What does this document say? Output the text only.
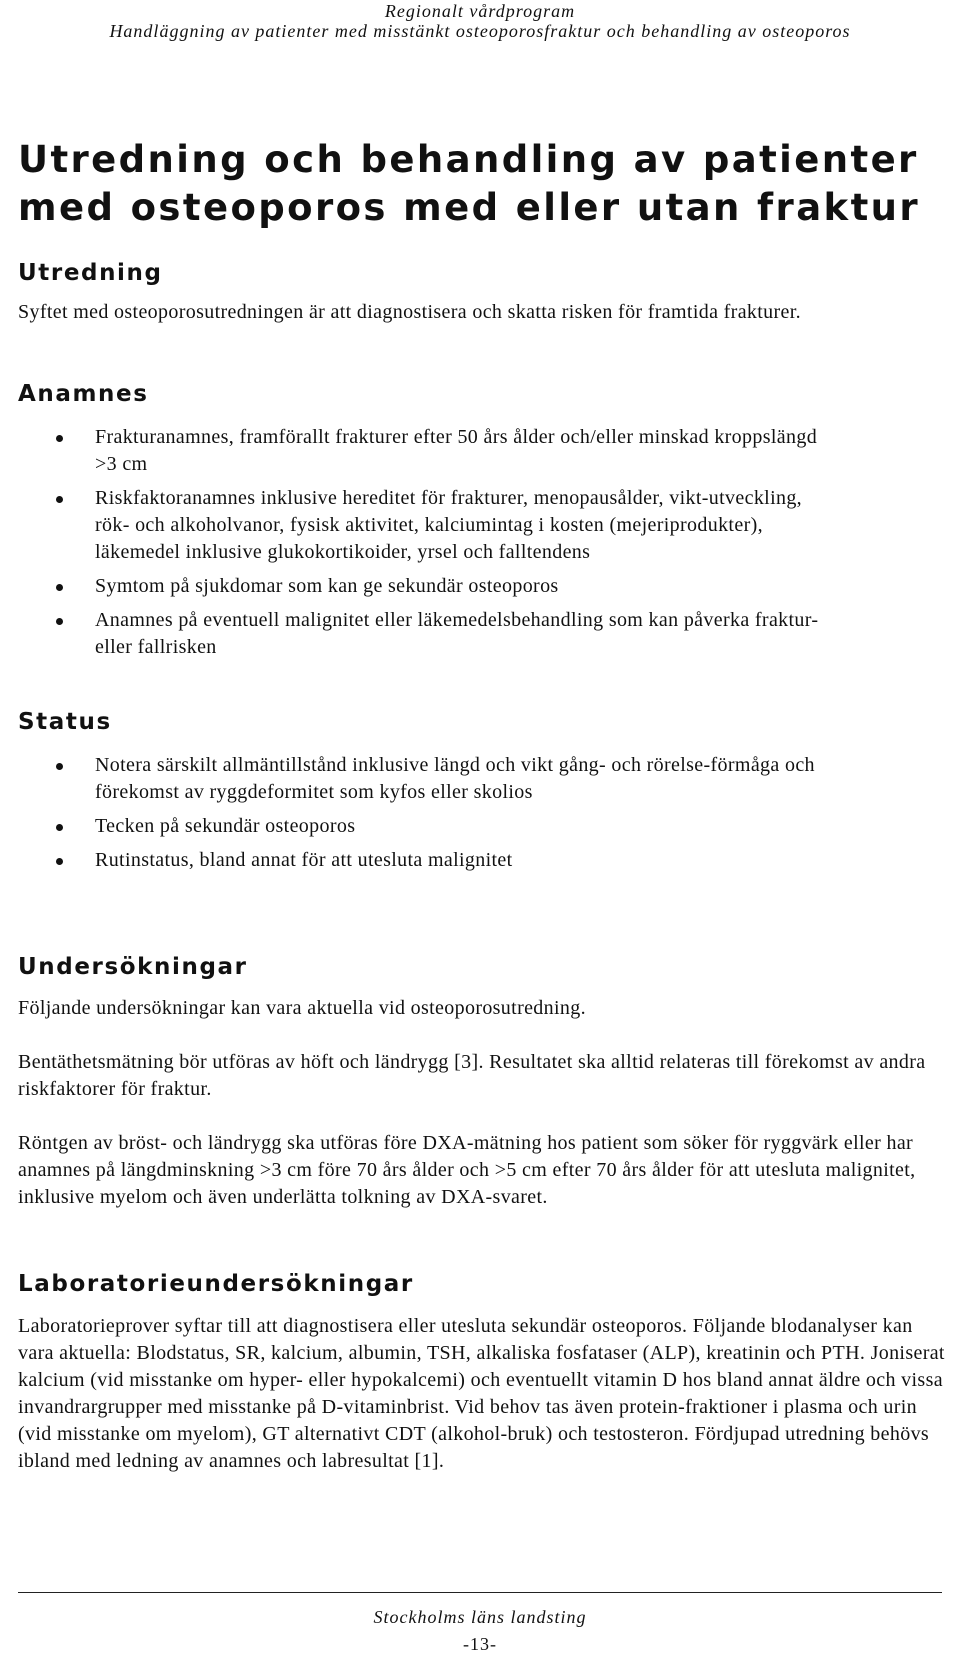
Regionalt vårdprogram
Handläggning av patienter med misstänkt osteoporosfraktur och behandling av osteoporos
Utredning och behandling av patienter med osteoporos med eller utan fraktur
Utredning

Syftet med osteoporosutredningen är att diagnostisera och skatta risken för framtida frakturer.

Anamnes
Frakturanamnes, framförallt frakturer efter 50 års ålder och/eller minskad kroppslängd >3 cm
Riskfaktoranamnes inklusive hereditet för frakturer, menopausålder, vikt-utveckling, rök- och alkoholvanor, fysisk aktivitet, kalciumintag i kosten (mejeriprodukter), läkemedel inklusive glukokortikoider, yrsel och falltendens
Symtom på sjukdomar som kan ge sekundär osteoporos
Anamnes på eventuell malignitet eller läkemedelsbehandling som kan påverka fraktur- eller fallrisken
Status
Notera särskilt allmäntillstånd inklusive längd och vikt gång- och rörelse-förmåga och förekomst av ryggdeformitet som kyfos eller skolios
Tecken på sekundär osteoporos
Rutinstatus, bland annat för att utesluta malignitet
Undersökningar

Följande undersökningar kan vara aktuella vid osteoporosutredning.

Bentäthetsmätning bör utföras av höft och ländrygg [3]. Resultatet ska alltid relateras till förekomst av andra riskfaktorer för fraktur.

Röntgen av bröst- och ländrygg ska utföras före DXA-mätning hos patient som söker för ryggvärk eller har anamnes på längdminskning >3 cm före 70 års ålder och >5 cm efter 70 års ålder för att utesluta malignitet, inklusive myelom och även underlätta tolkning av DXA-svaret.

Laboratorieundersökningar

Laboratorieprover syftar till att diagnostisera eller utesluta sekundär osteoporos. Följande blodanalyser kan vara aktuella: Blodstatus, SR, kalcium, albumin, TSH, alkaliska fosfataser (ALP), kreatinin och PTH. Joniserat kalcium (vid misstanke om hyper- eller hypokalcemi) och eventuellt vitamin D hos bland annat äldre och vissa invandrargrupper med misstanke på D-vitaminbrist. Vid behov tas även protein-fraktioner i plasma och urin (vid misstanke om myelom), GT alternativt CDT (alkohol-bruk) och testosteron. Fördjupad utredning behövs ibland med ledning av anamnes och labresultat [1].

Stockholms läns landsting
-13-
